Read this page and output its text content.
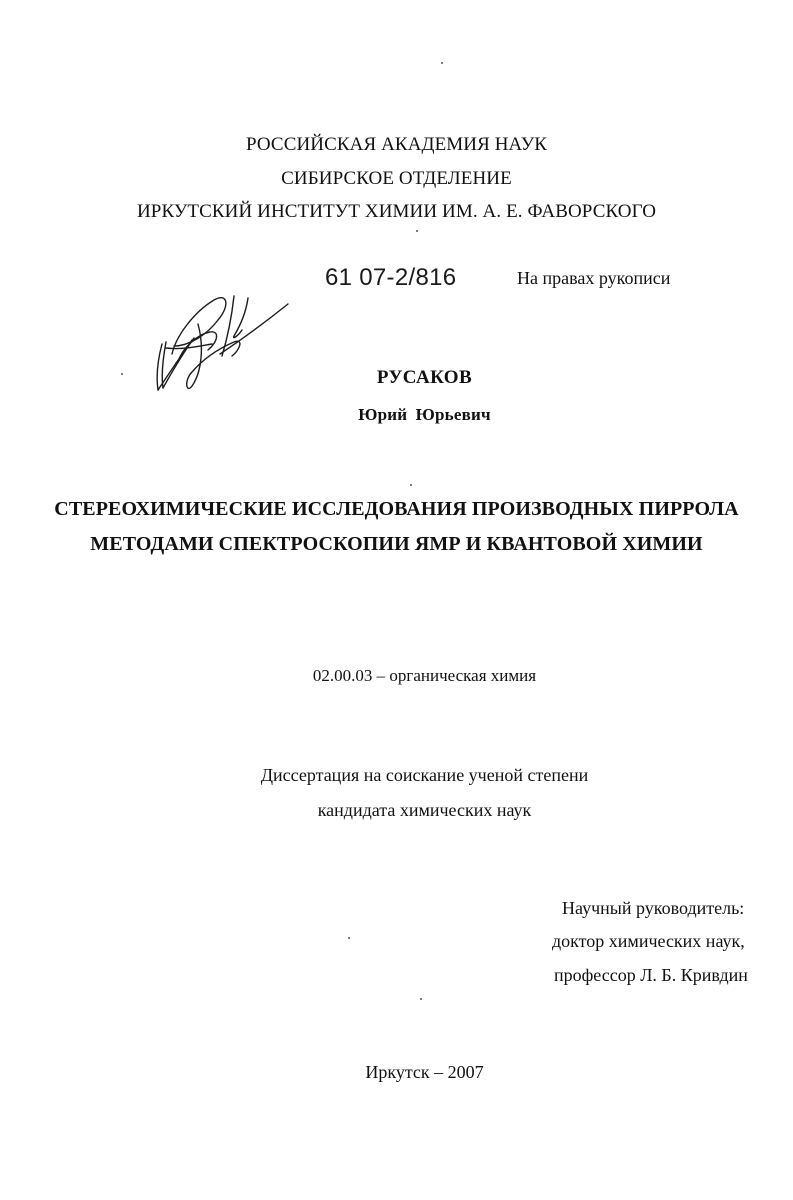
РОССИЙСКАЯ АКАДЕМИЯ НАУК
СИБИРСКОЕ ОТДЕЛЕНИЕ
ИРКУТСКИЙ ИНСТИТУТ ХИМИИ ИМ. А. Е. ФАВОРСКОГО
61 07-2/816	На правах рукописи
РУСАКОВ
Юрий Юрьевич
СТЕРЕОХИМИЧЕСКИЕ ИССЛЕДОВАНИЯ ПРОИЗВОДНЫХ ПИРРОЛА
МЕТОДАМИ СПЕКТРОСКОПИИ ЯМР И КВАНТОВОЙ ХИМИИ
02.00.03 – органическая химия
Диссертация на соискание ученой степени
кандидата химических наук
Научный руководитель:
доктор химических наук,
профессор Л. Б. Кривдин
Иркутск – 2007
